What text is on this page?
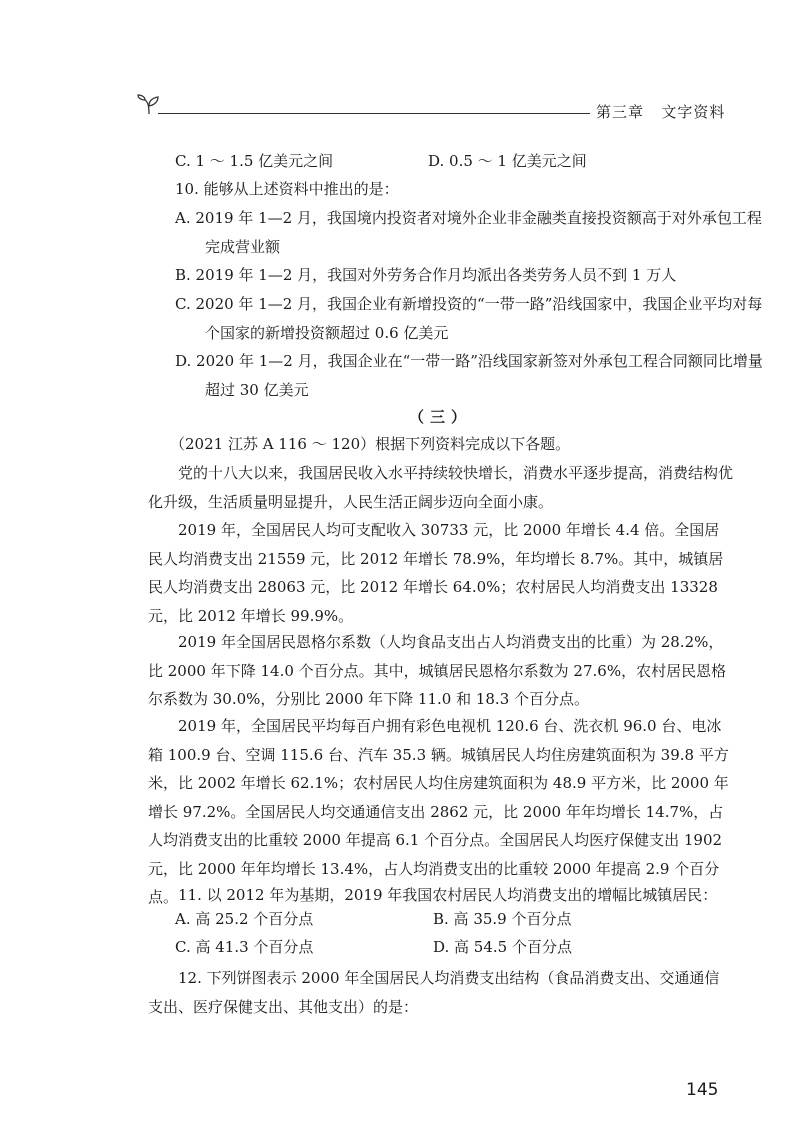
第三章 文字资料
C. 1 ～ 1.5 亿美元之间	D. 0.5 ～ 1 亿美元之间
10. 能够从上述资料中推出的是：
A. 2019 年 1—2 月，我国境内投资者对境外企业非金融类直接投资额高于对外承包工程完成营业额
B. 2019 年 1—2 月，我国对外劳务合作月均派出各类劳务人员不到 1 万人
C. 2020 年 1—2 月，我国企业有新增投资的“一带一路”沿线国家中，我国企业平均对每个国家的新增投资额超过 0.6 亿美元
D. 2020 年 1—2 月，我国企业在“一带一路”沿线国家新签对外承包工程合同额同比增量超过 30 亿美元
（三）
（2021 江苏 A 116 ～ 120）根据下列资料完成以下各题。
党的十八大以来，我国居民收入水平持续较快增长，消费水平逐步提高，消费结构优化升级，生活质量明显提升，人民生活正阔步迈向全面小康。
2019 年，全国居民人均可支配收入 30733 元，比 2000 年增长 4.4 倍。全国居民人均消费支出 21559 元，比 2012 年增长 78.9%，年均增长 8.7%。其中，城镇居民人均消费支出 28063 元，比 2012 年增长 64.0%；农村居民人均消费支出 13328 元，比 2012 年增长 99.9%。
2019 年全国居民恩格尔系数（人均食品支出占人均消费支出的比重）为 28.2%，比 2000 年下降 14.0 个百分点。其中，城镇居民恩格尔系数为 27.6%，农村居民恩格尔系数为 30.0%，分别比 2000 年下降 11.0 和 18.3 个百分点。
2019 年，全国居民平均每百户拥有彩色电视机 120.6 台、洗衣机 96.0 台、电冰箱 100.9 台、空调 115.6 台、汽车 35.3 辆。城镇居民人均住房建筑面积为 39.8 平方米，比 2002 年增长 62.1%；农村居民人均住房建筑面积为 48.9 平方米，比 2000 年增长 97.2%。全国居民人均交通通信支出 2862 元，比 2000 年年均增长 14.7%，占人均消费支出的比重较 2000 年提高 6.1 个百分点。全国居民人均医疗保健支出 1902 元，比 2000 年年均增长 13.4%，占人均消费支出的比重较 2000 年提高 2.9 个百分点。 11. 以 2012 年为基期，2019 年我国农村居民人均消费支出的增幅比城镇居民：
A. 高 25.2 个百分点	B. 高 35.9 个百分点
C. 高 41.3 个百分点	D. 高 54.5 个百分点
12. 下列饼图表示 2000 年全国居民人均消费支出结构（食品消费支出、交通通信支出、医疗保健支出、其他支出）的是：
145
